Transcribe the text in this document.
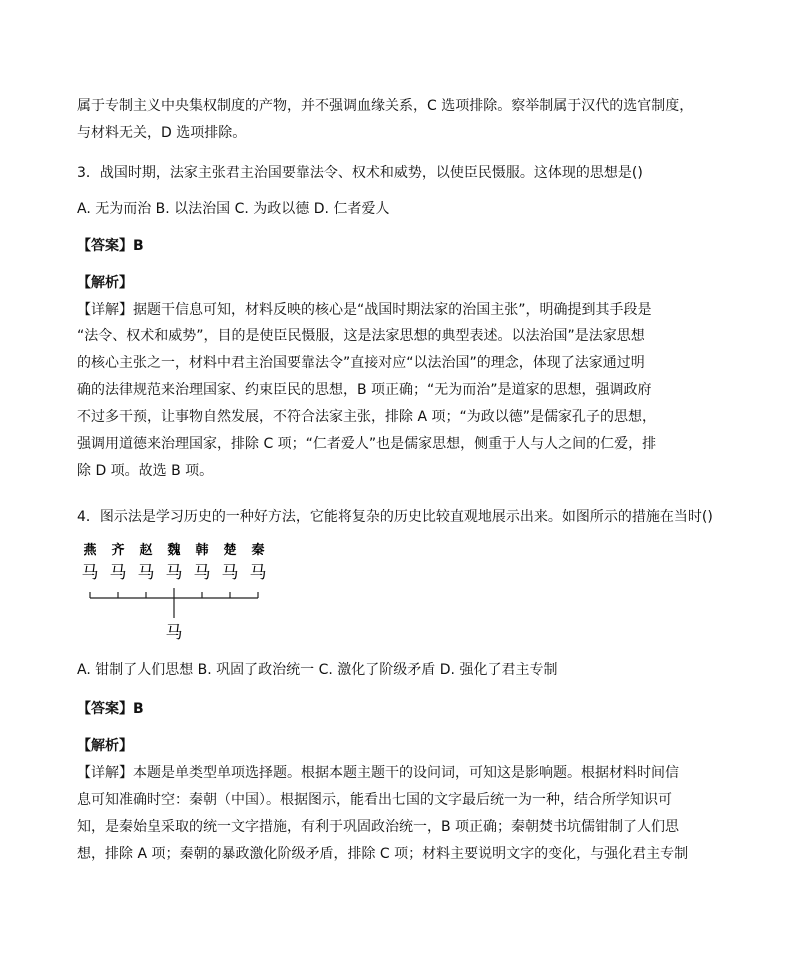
属于专制主义中央集权制度的产物，并不强调血缘关系，C 选项排除。察举制属于汉代的选官制度，
与材料无关，D 选项排除。
3．战国时期，法家主张君主治国要靠法令、权术和威势，以使臣民慑服。这体现的思想是()
A. 无为而治 B. 以法治国 C. 为政以德 D. 仁者爱人
【答案】B
【解析】
【详解】据题干信息可知，材料反映的核心是“战国时期法家的治国主张”，明确提到其手段是
“法令、权术和威势”，目的是使臣民慑服，这是法家思想的典型表述。以法治国”是法家思想
的核心主张之一，材料中君主治国要靠法令”直接对应“以法治国”的理念，体现了法家通过明
确的法律规范来治理国家、约束臣民的思想，B 项正确；“无为而治”是道家的思想，强调政府
不过多干预，让事物自然发展，不符合法家主张，排除 A 项；“为政以德”是儒家孔子的思想，
强调用道德来治理国家，排除 C 项；“仁者爱人”也是儒家思想，侧重于人与人之间的仁爱，排
除 D 项。故选 B 项。
4．图示法是学习历史的一种好方法，它能将复杂的历史比较直观地展示出来。如图所示的措施在当时()
燕 齐 赵 魏 韩 楚 秦
马 马 马 马 马 马 马
马
A. 钳制了人们思想 B. 巩固了政治统一 C. 激化了阶级矛盾 D. 强化了君主专制
【答案】B
【解析】
【详解】本题是单类型单项选择题。根据本题主题干的设问词，可知这是影响题。根据材料时间信
息可知准确时空：秦朝（中国）。根据图示，能看出七国的文字最后统一为一种，结合所学知识可
知，是秦始皇采取的统一文字措施，有利于巩固政治统一，B 项正确；秦朝焚书坑儒钳制了人们思
想，排除 A 项；秦朝的暴政激化阶级矛盾，排除 C 项；材料主要说明文字的变化，与强化君主专制
